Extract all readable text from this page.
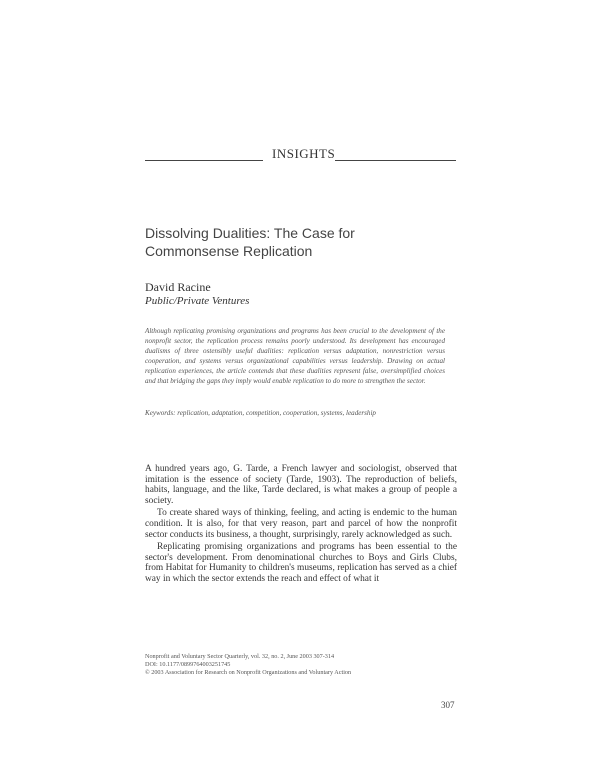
INSIGHTS
Dissolving Dualities: The Case for
Commonsense Replication
David Racine
Public/Private Ventures
Although replicating promising organizations and programs has been crucial to the development of the nonprofit sector, the replication process remains poorly understood. Its development has encouraged dualisms of three ostensibly useful dualities: replication versus adaptation, nonrestriction versus cooperation, and systems versus organizational capabilities versus leadership. Drawing on actual replication experiences, the article contends that these dualities represent false, oversimplified choices and that bridging the gaps they imply would enable replication to do more to strengthen the sector.
Keywords: replication, adaptation, competition, cooperation, systems, leadership

A hundred years ago, G. Tarde, a French lawyer and sociologist, observed that imitation is the essence of society (Tarde, 1903). The reproduction of beliefs, habits, language, and the like, Tarde declared, is what makes a group of people a society.

To create shared ways of thinking, feeling, and acting is endemic to the human condition. It is also, for that very reason, part and parcel of how the nonprofit sector conducts its business, a thought, surprisingly, rarely acknowledged as such.

Replicating promising organizations and programs has been essential to the sector's development. From denominational churches to Boys and Girls Clubs, from Habitat for Humanity to children's museums, replication has served as a chief way in which the sector extends the reach and effect of what it

Nonprofit and Voluntary Sector Quarterly, vol. 32, no. 2, June 2003 307-314
DOI: 10.1177/0899764003251745
© 2003 Association for Research on Nonprofit Organizations and Voluntary Action
307
